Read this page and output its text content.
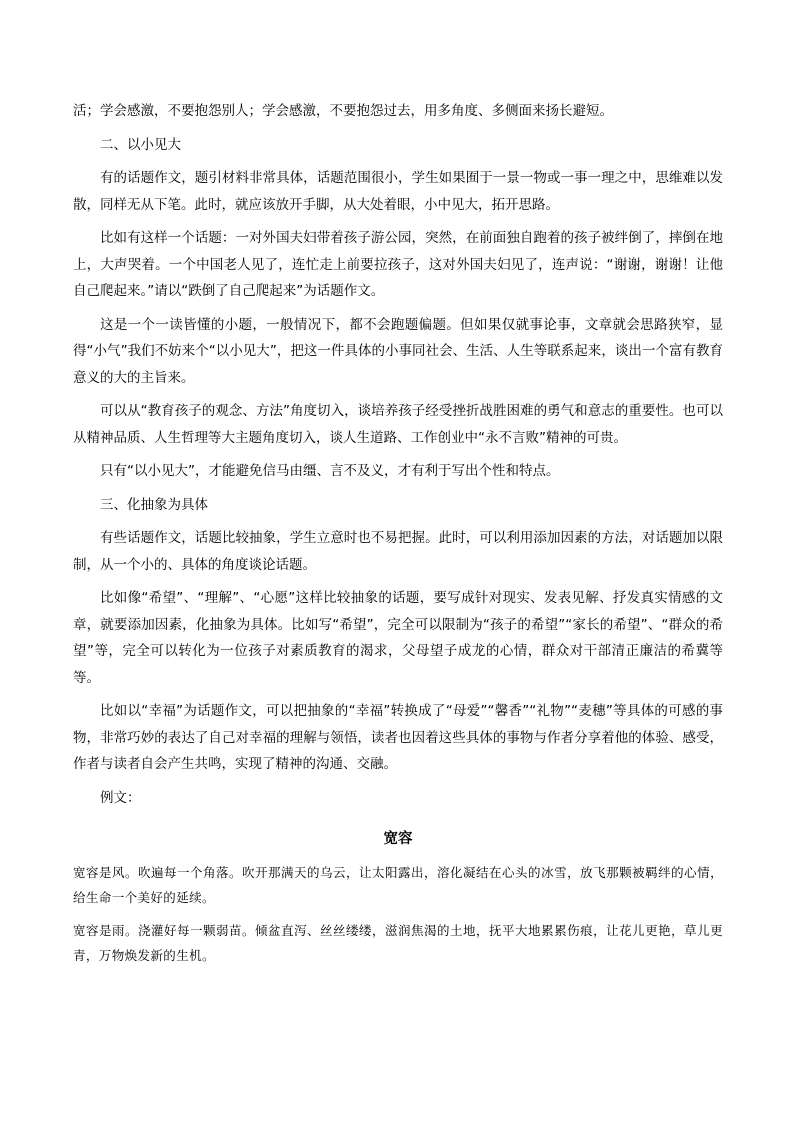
活；学会感激，不要抱怨别人；学会感激，不要抱怨过去，用多角度、多侧面来扬长避短。

二、以小见大

有的话题作文，题引材料非常具体，话题范围很小，学生如果囿于一景一物或一事一理之中，思维难以发散，同样无从下笔。此时，就应该放开手脚，从大处着眼，小中见大，拓开思路。

比如有这样一个话题：一对外国夫妇带着孩子游公园，突然，在前面独自跑着的孩子被绊倒了，摔倒在地上，大声哭着。一个中国老人见了，连忙走上前要拉孩子，这对外国夫妇见了，连声说：“谢谢，谢谢！让他自己爬起来。”请以“跌倒了自己爬起来”为话题作文。

这是一个一读皆懂的小题，一般情况下，都不会跑题偏题。但如果仅就事论事，文章就会思路狭窄，显得“小气”我们不妨来个“以小见大”，把这一件具体的小事同社会、生活、人生等联系起来，谈出一个富有教育意义的大的主旨来。

可以从“教育孩子的观念、方法”角度切入，谈培养孩子经受挫折战胜困难的勇气和意志的重要性。也可以从精神品质、人生哲理等大主题角度切入，谈人生道路、工作创业中“永不言败”精神的可贵。

只有“以小见大”，才能避免信马由缰、言不及义，才有利于写出个性和特点。

三、化抽象为具体

有些话题作文，话题比较抽象，学生立意时也不易把握。此时，可以利用添加因素的方法，对话题加以限制，从一个小的、具体的角度谈论话题。

比如像“希望”、“理解”、“心愿”这样比较抽象的话题，要写成针对现实、发表见解、抒发真实情感的文章，就要添加因素，化抽象为具体。比如写“希望”，完全可以限制为“孩子的希望”“家长的希望”、“群众的希望”等，完全可以转化为一位孩子对素质教育的渴求，父母望子成龙的心情，群众对干部清正廉洁的希冀等等。

比如以“幸福”为话题作文，可以把抽象的“幸福”转换成了“母爱”“馨香”“礼物”“麦穗”等具体的可感的事物，非常巧妙的表达了自己对幸福的理解与领悟，读者也因着这些具体的事物与作者分享着他的体验、感受，作者与读者自会产生共鸣，实现了精神的沟通、交融。

例文：

宽容

宽容是风。吹遍每一个角落。吹开那满天的乌云，让太阳露出，溶化凝结在心头的冰雪，放飞那颗被羁绊的心情，给生命一个美好的延续。

宽容是雨。浇灌好每一颗弱苗。倾盆直泻、丝丝缕缕，滋润焦渴的土地，抚平大地累累伤痕，让花儿更艳，草儿更青，万物焕发新的生机。
